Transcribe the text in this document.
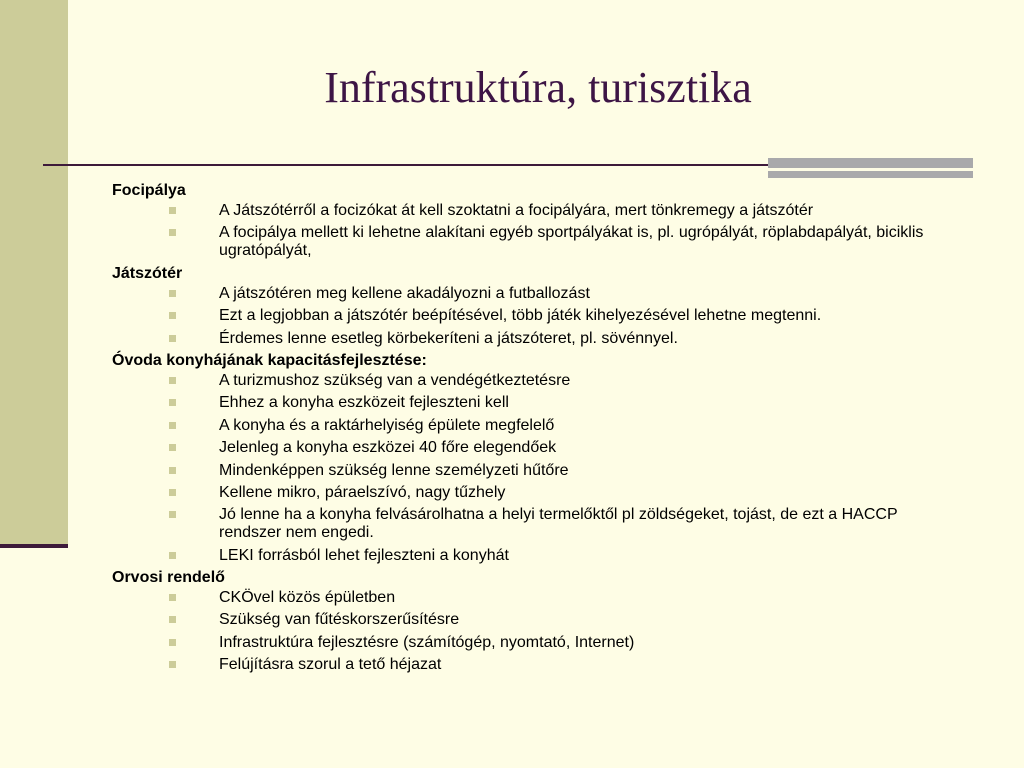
Infrastruktúra, turisztika
Focipálya
A Játszótérről a focizókat át kell szoktatni a focipályára, mert tönkremegy a játszótér
A focipálya mellett ki lehetne alakítani egyéb sportpályákat is, pl. ugrópályát, röplabdapályát, biciklis ugratópályát,
Játszótér
A játszótéren meg kellene akadályozni a futballozást
Ezt a legjobban a játszótér beépítésével, több játék kihelyezésével lehetne megtenni.
Érdemes lenne esetleg körbekeríteni a játszóteret, pl. sövénnyel.
Óvoda konyhájának kapacitásfejlesztése:
A turizmushoz szükség van a vendégétkeztetésre
Ehhez a konyha eszközeit fejleszteni kell
A konyha és a raktárhelyiség épülete megfelelő
Jelenleg a konyha eszközei 40 főre elegendőek
Mindenképpen szükség lenne személyzeti hűtőre
Kellene mikro, páraelszívó, nagy tűzhely
Jó lenne ha a konyha felvásárolhatna a helyi termelőktől pl zöldségeket, tojást, de ezt a HACCP rendszer nem engedi.
LEKI forrásból lehet fejleszteni a konyhát
Orvosi rendelő
CKÖvel közös épületben
Szükség van fűtéskorszerűsítésre
Infrastruktúra fejlesztésre (számítógép, nyomtató, Internet)
Felújításra szorul a tető héjazat
